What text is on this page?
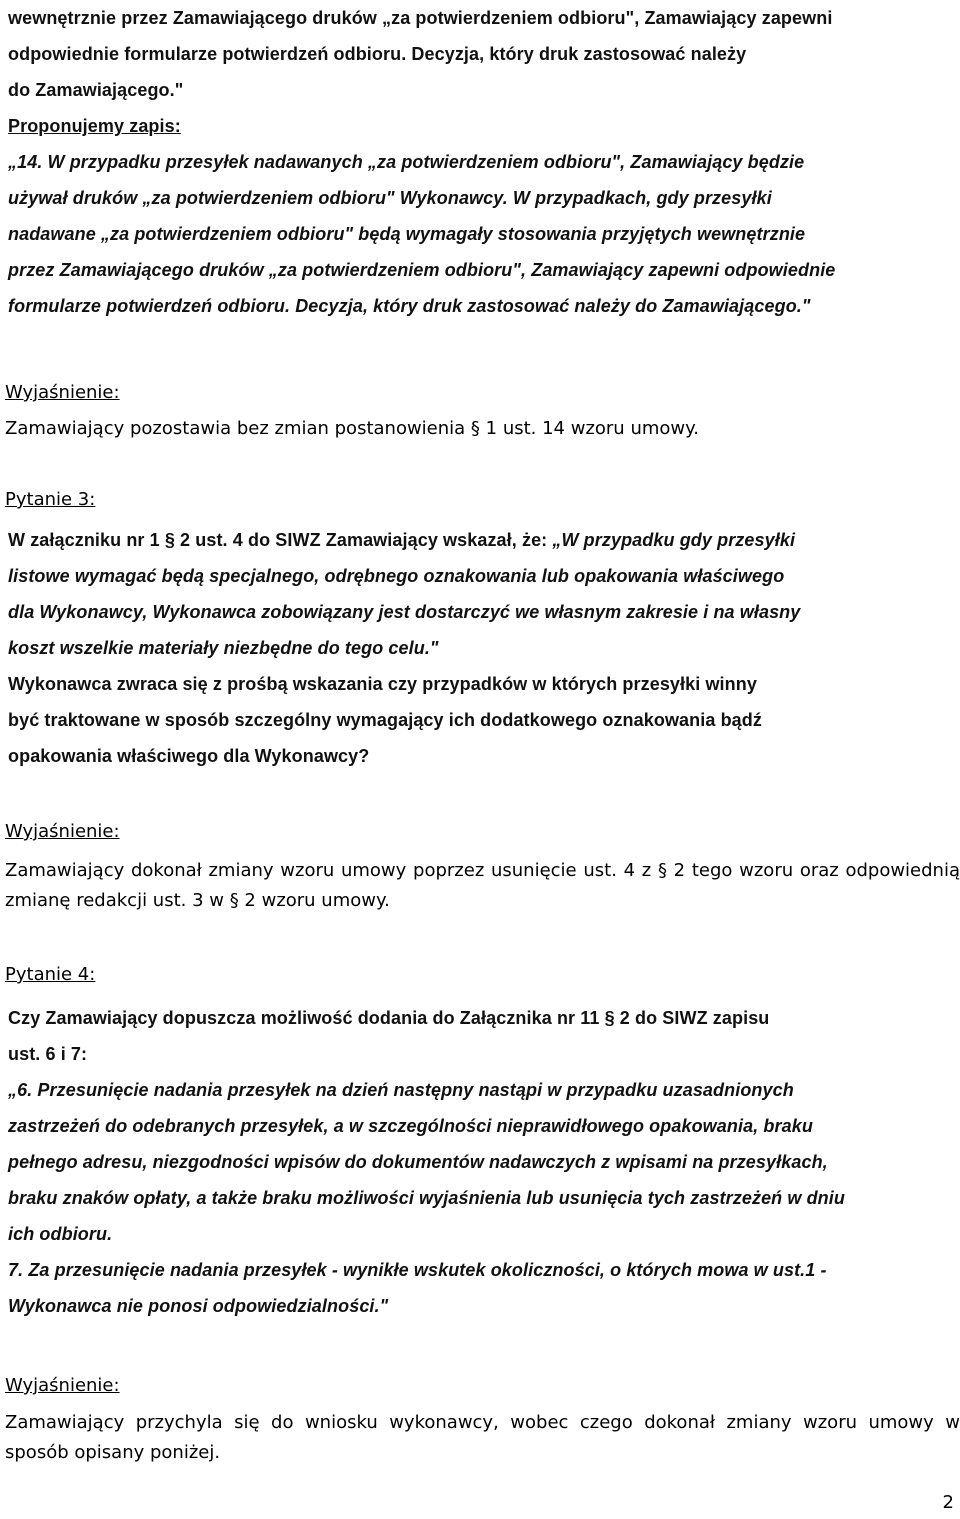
wewnętrznie przez Zamawiającego druków „za potwierdzeniem odbioru", Zamawiający zapewni

odpowiednie formularze potwierdzeń odbioru. Decyzja, który druk zastosować należy

do Zamawiającego."

Proponujemy zapis:

„14. W przypadku przesyłek nadawanych „za potwierdzeniem odbioru", Zamawiający będzie

używał druków „za potwierdzeniem odbioru" Wykonawcy. W przypadkach, gdy przesyłki

nadawane „za potwierdzeniem odbioru" będą wymagały stosowania przyjętych wewnętrznie

przez Zamawiającego druków „za potwierdzeniem odbioru", Zamawiający zapewni odpowiednie

formularze potwierdzeń odbioru. Decyzja, który druk zastosować należy do Zamawiającego."

Wyjaśnienie:

Zamawiający pozostawia bez zmian postanowienia § 1 ust. 14 wzoru umowy.

Pytanie 3:

W załączniku nr 1 § 2 ust. 4 do SIWZ Zamawiający wskazał, że: „W przypadku gdy przesyłki

listowe wymagać będą specjalnego, odrębnego oznakowania lub opakowania właściwego

dla Wykonawcy, Wykonawca zobowiązany jest dostarczyć we własnym zakresie i na własny

koszt wszelkie materiały niezbędne do tego celu."

Wykonawca zwraca się z prośbą wskazania czy przypadków w których przesyłki winny

być traktowane w sposób szczególny wymagający ich dodatkowego oznakowania bądź

opakowania właściwego dla Wykonawcy?

Wyjaśnienie:

Zamawiający dokonał zmiany wzoru umowy poprzez usunięcie ust. 4 z § 2 tego wzoru oraz odpowiednią zmianę redakcji ust. 3 w § 2 wzoru umowy.

Pytanie 4:

Czy Zamawiający dopuszcza możliwość dodania do Załącznika nr 11 § 2 do SIWZ zapisu

ust. 6 i 7:

„6. Przesunięcie nadania przesyłek na dzień następny nastąpi w przypadku uzasadnionych

zastrzeżeń do odebranych przesyłek, a w szczególności nieprawidłowego opakowania, braku

pełnego adresu, niezgodności wpisów do dokumentów nadawczych z wpisami na przesyłkach,

braku znaków opłaty, a także braku możliwości wyjaśnienia lub usunięcia tych zastrzeżeń w dniu

ich odbioru.

7. Za przesunięcie nadania przesyłek - wynikłe wskutek okoliczności, o których mowa w ust.1 -

Wykonawca nie ponosi odpowiedzialności."

Wyjaśnienie:

Zamawiający przychyla się do wniosku wykonawcy, wobec czego dokonał zmiany wzoru umowy w sposób opisany poniżej.

2
